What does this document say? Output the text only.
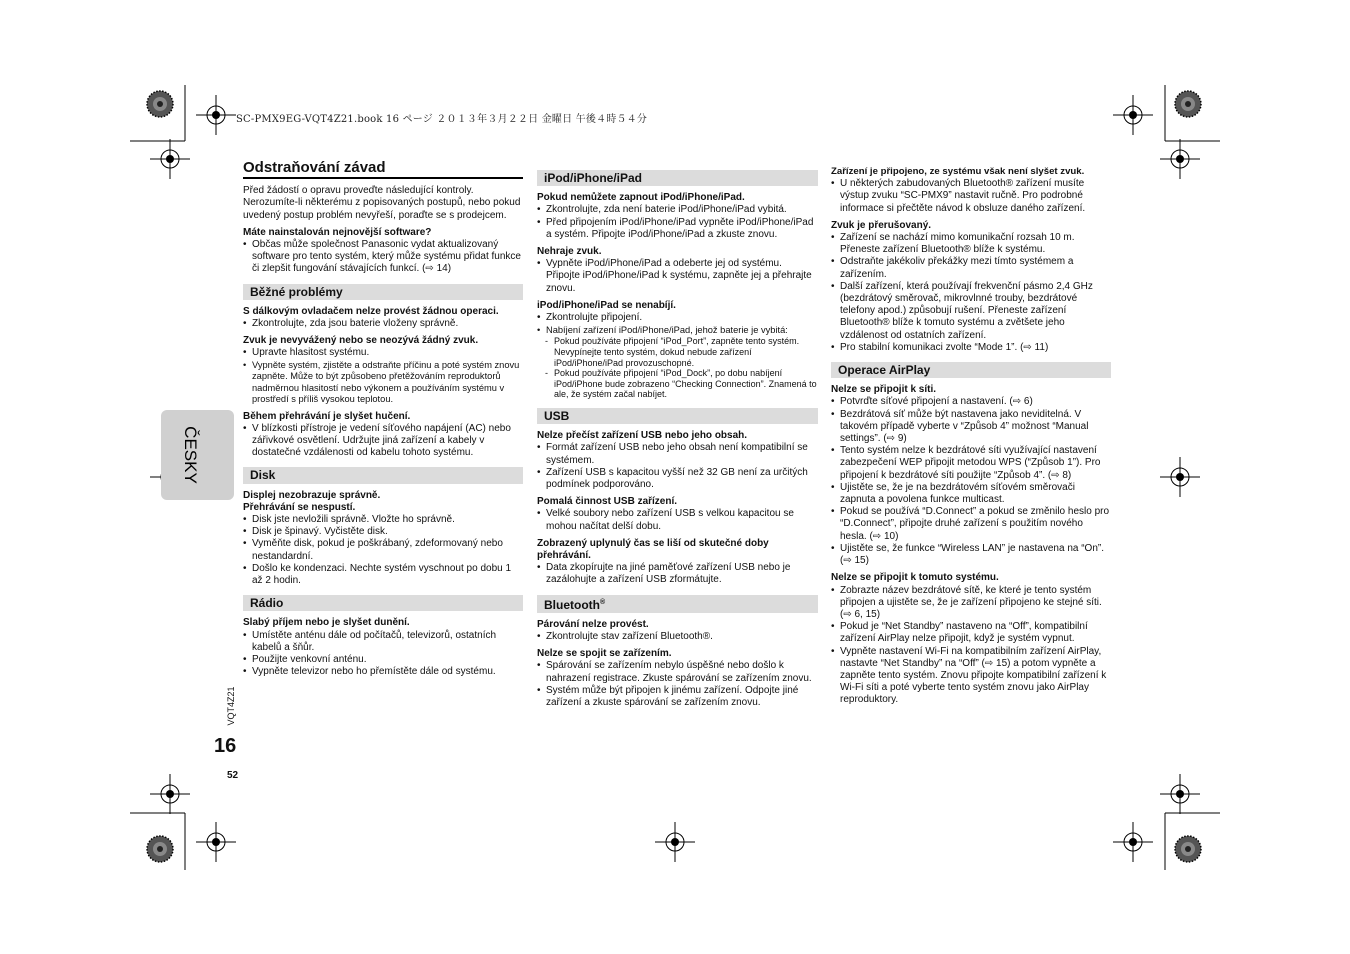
SC-PMX9EG-VQT4Z21.book 16 ページ ２０１３年３月２２日 金曜日 午後４時５４分
ČESKY
VQT4Z21
16
52
Odstraňování závad

Před žádostí o opravu proveďte následující kontroly. Nerozumíte-li některému z popisovaných postupů, nebo pokud uvedený postup problém nevyřeší, poraďte se s prodejcem.

Máte nainstalován nejnovější software?
• Občas může společnost Panasonic vydat aktualizovaný software pro tento systém, který může systému přidat funkce či zlepšit fungování stávajících funkcí. (⇨ 14)
Běžné problémy
S dálkovým ovladačem nelze provést žádnou operaci.
• Zkontrolujte, zda jsou baterie vloženy správně.
Zvuk je nevyvážený nebo se neozývá žádný zvuk.
• Upravte hlasitost systému.
• Vypněte systém, zjistěte a odstraňte příčinu a poté systém znovu zapněte. Může to být způsobeno přetěžováním reproduktorů nadměrnou hlasitostí nebo výkonem a používáním systému v prostředí s příliš vysokou teplotou.
Během přehrávání je slyšet hučení.
• V blízkosti přístroje je vedení síťového napájení (AC) nebo zářivkové osvětlení. Udržujte jiná zařízení a kabely v dostatečné vzdálenosti od kabelu tohoto systému.
Disk
Displej nezobrazuje správně.
Přehrávání se nespustí.
• Disk jste nevložili správně. Vložte ho správně.
• Disk je špinavý. Vyčistěte disk.
• Vyměňte disk, pokud je poškrábaný, zdeformovaný nebo nestandardní.
• Došlo ke kondenzaci. Nechte systém vyschnout po dobu 1 až 2 hodin.
Rádio
Slabý příjem nebo je slyšet dunění.
• Umístěte anténu dále od počítačů, televizorů, ostatních kabelů a šňůr.
• Použijte venkovní anténu.
• Vypněte televizor nebo ho přemístěte dále od systému.
iPod/iPhone/iPad
Pokud nemůžete zapnout iPod/iPhone/iPad.
• Zkontrolujte, zda není baterie iPod/iPhone/iPad vybitá.
• Před připojením iPod/iPhone/iPad vypněte iPod/iPhone/iPad a systém. Připojte iPod/iPhone/iPad a zkuste znovu.
Nehraje zvuk.
• Vypněte iPod/iPhone/iPad a odeberte jej od systému. Připojte iPod/iPhone/iPad k systému, zapněte jej a přehrajte znovu.
iPod/iPhone/iPad se nenabíjí.
• Zkontrolujte připojení.
• Nabíjení zařízení iPod/iPhone/iPad, jehož baterie je vybitá:
- Pokud používáte připojení “iPod_Port”, zapněte tento systém. Nevypínejte tento systém, dokud nebude zařízení iPod/iPhone/iPad provozuschopné.
- Pokud používáte připojení “iPod_Dock”, po dobu nabíjení iPod/iPhone bude zobrazeno “Checking Connection”. Znamená to ale, že systém začal nabíjet.
USB
Nelze přečíst zařízení USB nebo jeho obsah.
• Formát zařízení USB nebo jeho obsah není kompatibilní se systémem.
• Zařízení USB s kapacitou vyšší než 32 GB není za určitých podmínek podporováno.
Pomalá činnost USB zařízení.
• Velké soubory nebo zařízení USB s velkou kapacitou se mohou načítat delší dobu.
Zobrazený uplynulý čas se liší od skutečné doby přehrávání.
• Data zkopírujte na jiné paměťové zařízení USB nebo je zazálohujte a zařízení USB zformátujte.
Bluetooth®
Párování nelze provést.
• Zkontrolujte stav zařízení Bluetooth®.
Nelze se spojit se zařízením.
• Spárování se zařízením nebylo úspěšné nebo došlo k nahrazení registrace. Zkuste spárování se zařízením znovu.
• Systém může být připojen k jinému zařízení. Odpojte jiné zařízení a zkuste spárování se zařízením znovu.
Zařízení je připojeno, ze systému však není slyšet zvuk.
• U některých zabudovaných Bluetooth® zařízení musíte výstup zvuku “SC-PMX9” nastavit ručně. Pro podrobné informace si přečtěte návod k obsluze daného zařízení.
Zvuk je přerušovaný.
• Zařízení se nachází mimo komunikační rozsah 10 m. Přeneste zařízení Bluetooth® blíže k systému.
• Odstraňte jakékoliv překážky mezi tímto systémem a zařízením.
• Další zařízení, která používají frekvenční pásmo 2,4 GHz (bezdrátový směrovač, mikrovlnné trouby, bezdrátové telefony apod.) způsobují rušení. Přeneste zařízení Bluetooth® blíže k tomuto systému a zvětšete jeho vzdálenost od ostatních zařízení.
• Pro stabilní komunikaci zvolte “Mode 1”. (⇨ 11)
Operace AirPlay
Nelze se připojit k síti.
• Potvrďte síťové připojení a nastavení. (⇨ 6)
• Bezdrátová síť může být nastavena jako neviditelná. V takovém případě vyberte v “Způsob 4” možnost “Manual settings”. (⇨ 9)
• Tento systém nelze k bezdrátové síti využívající nastavení zabezpečení WEP připojit metodou WPS (“Způsob 1”). Pro připojení k bezdrátové síti použijte “Způsob 4”. (⇨ 8)
• Ujistěte se, že je na bezdrátovém síťovém směrovači zapnuta a povolena funkce multicast.
• Pokud se používá “D.Connect” a pokud se změnilo heslo pro “D.Connect”, připojte druhé zařízení s použitím nového hesla. (⇨ 10)
• Ujistěte se, že funkce “Wireless LAN” je nastavena na “On”. (⇨ 15)
Nelze se připojit k tomuto systému.
• Zobrazte název bezdrátové sítě, ke které je tento systém připojen a ujistěte se, že je zařízení připojeno ke stejné síti. (⇨ 6, 15)
• Pokud je “Net Standby” nastaveno na “Off”, kompatibilní zařízení AirPlay nelze připojit, když je systém vypnut.
• Vypněte nastavení Wi-Fi na kompatibilním zařízení AirPlay, nastavte “Net Standby” na “Off” (⇨ 15) a potom vypněte a zapněte tento systém. Znovu připojte kompatibilní zařízení k Wi-Fi síti a poté vyberte tento systém znovu jako AirPlay reproduktory.
